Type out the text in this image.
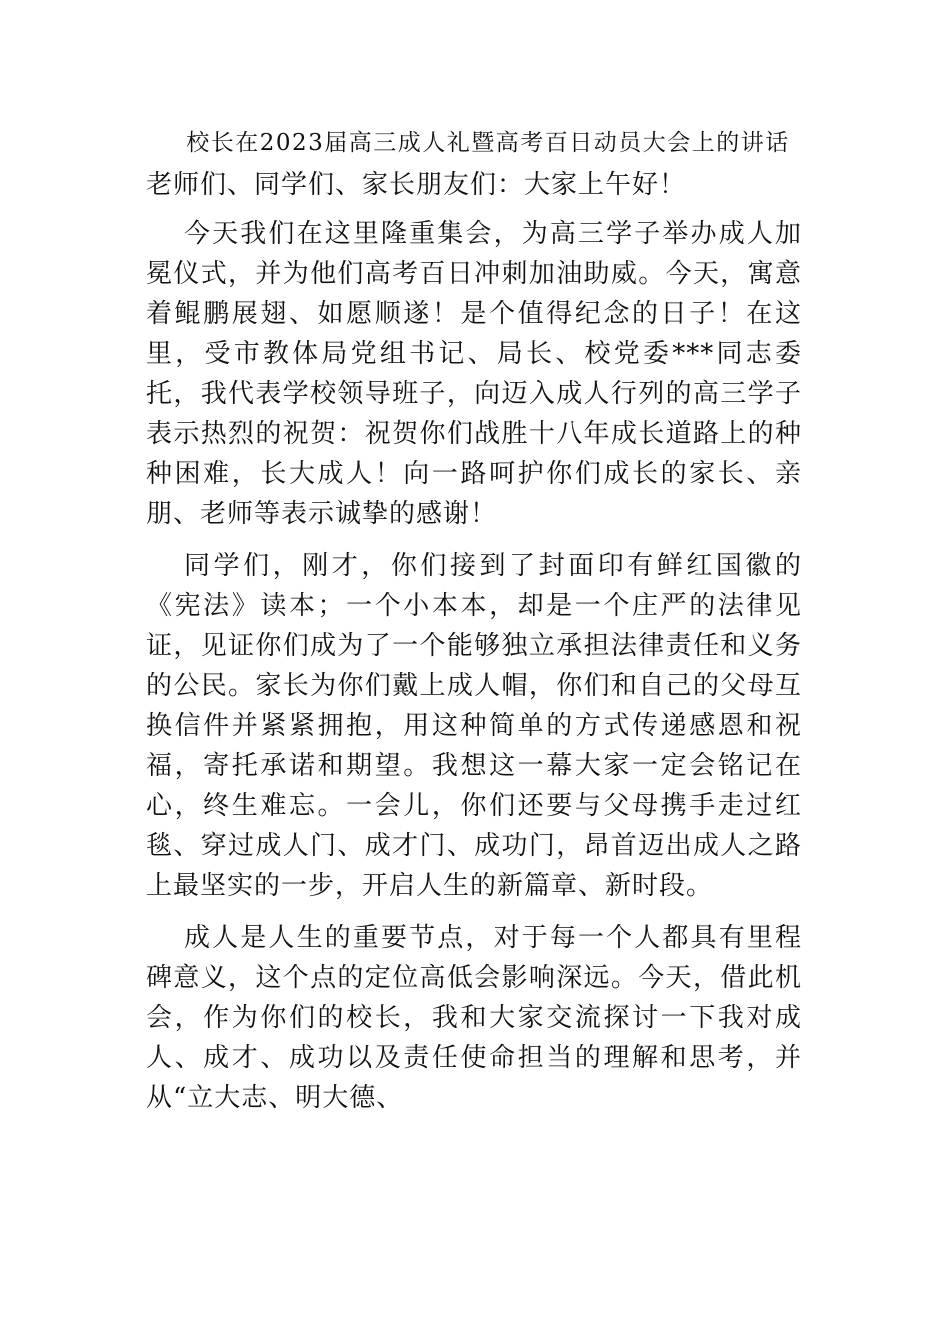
校长在2023届高三成人礼暨高考百日动员大会上的讲话
老师们、同学们、家长朋友们：大家上午好！

今天我们在这里隆重集会，为高三学子举办成人加冕仪式，并为他们高考百日冲刺加油助威。今天，寓意着鲲鹏展翅、如愿顺遂！是个值得纪念的日子！在这里，受市教体局党组书记、局长、校党委***同志委托，我代表学校领导班子，向迈入成人行列的高三学子表示热烈的祝贺：祝贺你们战胜十八年成长道路上的种种困难，长大成人！向一路呵护你们成长的家长、亲朋、老师等表示诚挚的感谢！

同学们，刚才，你们接到了封面印有鲜红国徽的《宪法》读本；一个小本本，却是一个庄严的法律见证，见证你们成为了一个能够独立承担法律责任和义务的公民。家长为你们戴上成人帽，你们和自己的父母互换信件并紧紧拥抱，用这种简单的方式传递感恩和祝福，寄托承诺和期望。我想这一幕大家一定会铭记在心，终生难忘。一会儿，你们还要与父母携手走过红毯、穿过成人门、成才门、成功门，昂首迈出成人之路上最坚实的一步，开启人生的新篇章、新时段。

成人是人生的重要节点，对于每一个人都具有里程碑意义，这个点的定位高低会影响深远。今天，借此机会，作为你们的校长，我和大家交流探讨一下我对成人、成才、成功以及责任使命担当的理解和思考，并从“立大志、明大德、
